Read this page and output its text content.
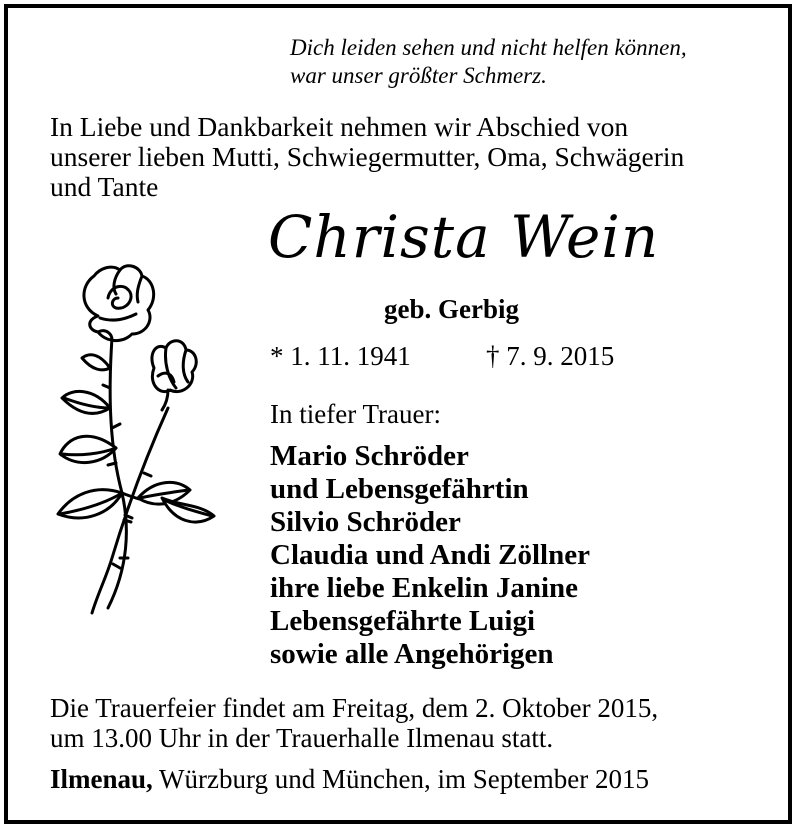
Dich leiden sehen und nicht helfen können,
war unser größter Schmerz.
In Liebe und Dankbarkeit nehmen wir Abschied von
unserer lieben Mutti, Schwiegermutter, Oma, Schwägerin
und Tante
Christa Wein
geb. Gerbig
* 1. 11. 1941	† 7. 9. 2015
In tiefer Trauer:
Mario Schröder
und Lebensgefährtin
Silvio Schröder
Claudia und Andi Zöllner
ihre liebe Enkelin Janine
Lebensgefährte Luigi
sowie alle Angehörigen
Die Trauerfeier findet am Freitag, dem 2. Oktober 2015,
um 13.00 Uhr in der Trauerhalle Ilmenau statt.
Ilmenau, Würzburg und München, im September 2015
